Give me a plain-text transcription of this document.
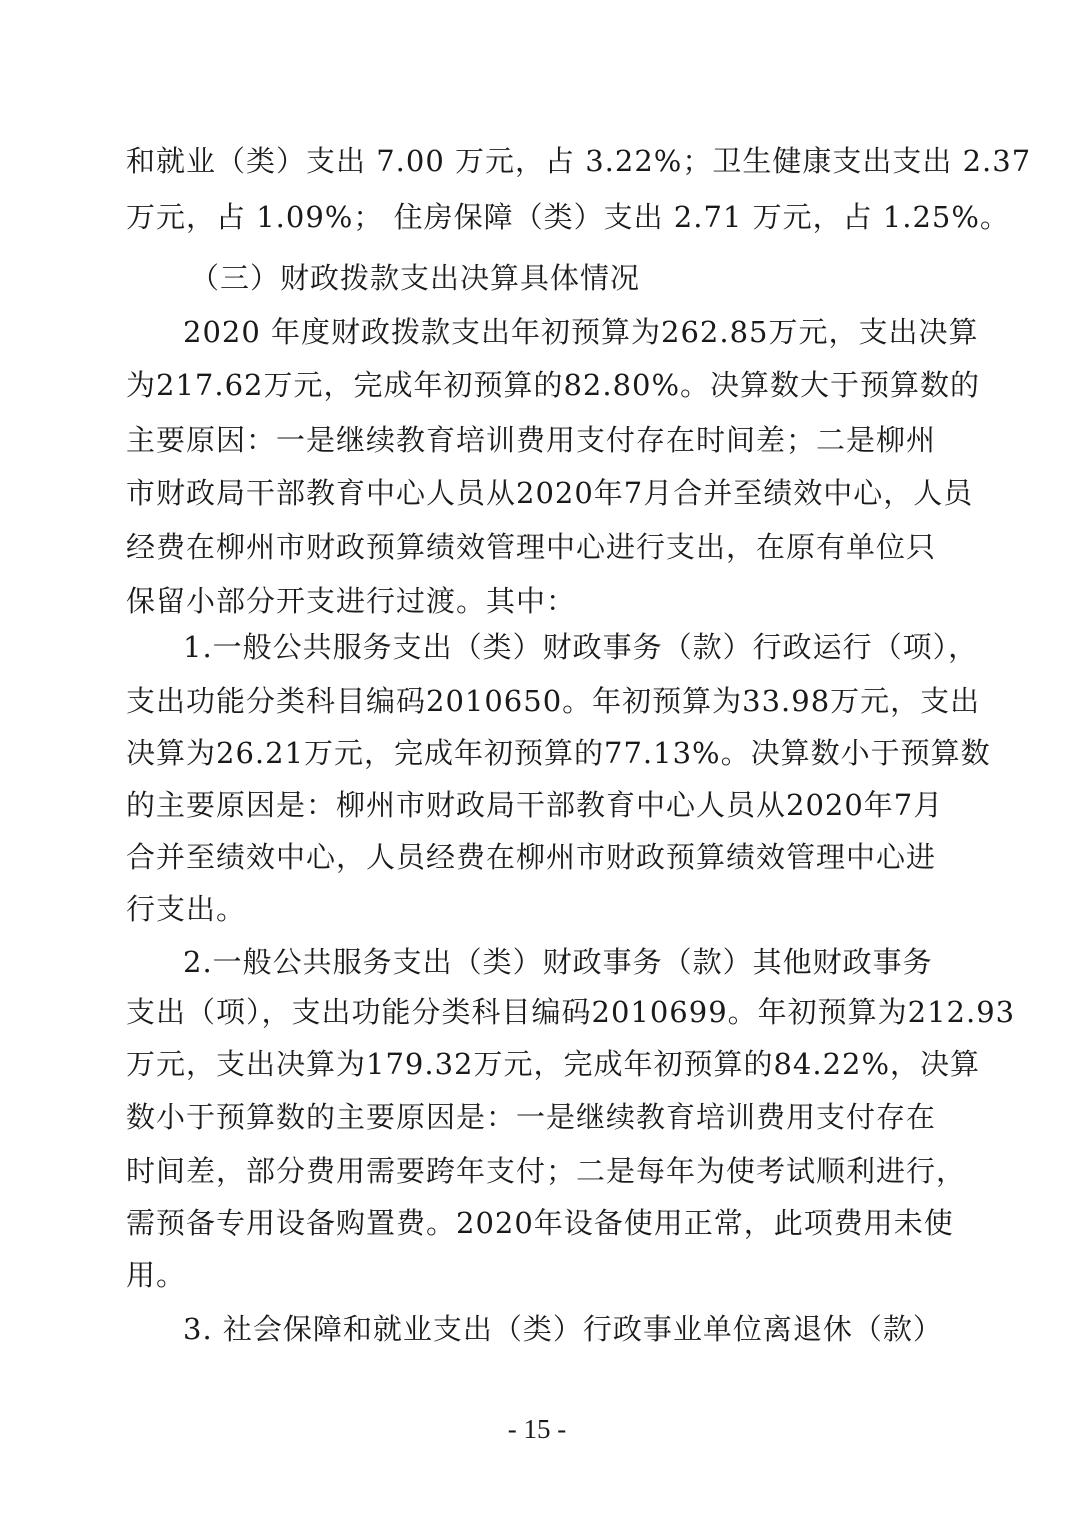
和就业（类）支出 7.00 万元，占 3.22%；卫生健康支出支出 2.37
万元，占 1.09%； 住房保障（类）支出 2.71 万元，占 1.25%。
（三）财政拨款支出决算具体情况
2020 年度财政拨款支出年初预算为262.85万元，支出决算
为217.62万元，完成年初预算的82.80%。决算数大于预算数的
主要原因：一是继续教育培训费用支付存在时间差；二是柳州
市财政局干部教育中心人员从2020年7月合并至绩效中心，人员
经费在柳州市财政预算绩效管理中心进行支出，在原有单位只
保留小部分开支进行过渡。其中：
1.一般公共服务支出（类）财政事务（款）行政运行（项），
支出功能分类科目编码2010650。年初预算为33.98万元，支出
决算为26.21万元，完成年初预算的77.13%。决算数小于预算数
的主要原因是：柳州市财政局干部教育中心人员从2020年7月
合并至绩效中心，人员经费在柳州市财政预算绩效管理中心进
行支出。
2.一般公共服务支出（类）财政事务（款）其他财政事务
支出（项），支出功能分类科目编码2010699。年初预算为212.93
万元，支出决算为179.32万元，完成年初预算的84.22%，决算
数小于预算数的主要原因是：一是继续教育培训费用支付存在
时间差，部分费用需要跨年支付；二是每年为使考试顺利进行，
需预备专用设备购置费。2020年设备使用正常，此项费用未使
用。
3. 社会保障和就业支出（类）行政事业单位离退休（款）
- 15 -
